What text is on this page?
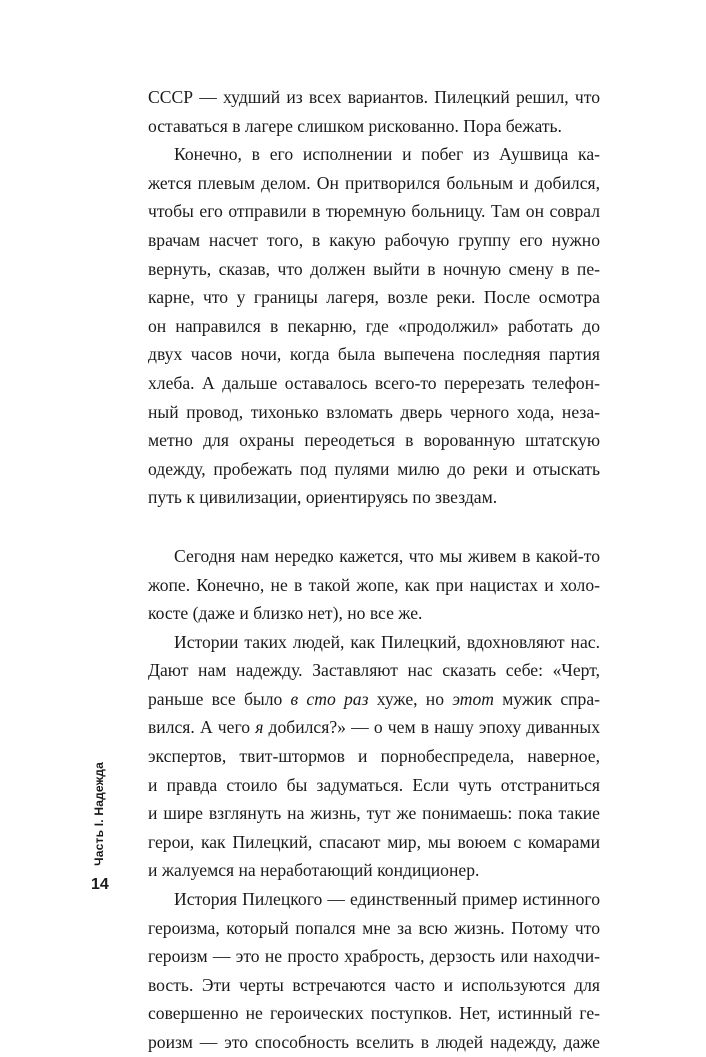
СССР — худший из всех вариантов. Пилецкий решил, что
оставаться в лагере слишком рискованно. Пора бежать.
Конечно, в его исполнении и побег из Аушвица ка-
жется плевым делом. Он притворился больным и добился,
чтобы его отправили в тюремную больницу. Там он соврал
врачам насчет того, в какую рабочую группу его нужно
вернуть, сказав, что должен выйти в ночную смену в пе-
карне, что у границы лагеря, возле реки. После осмотра
он направился в пекарню, где «продолжил» работать до
двух часов ночи, когда была выпечена последняя партия
хлеба. А дальше оставалось всего-то перерезать телефон-
ный провод, тихонько взломать дверь черного хода, неза-
метно для охраны переодеться в ворованную штатскую
одежду, пробежать под пулями милю до реки и отыскать
путь к цивилизации, ориентируясь по звездам.
Сегодня нам нередко кажется, что мы живем в какой-то
жопе. Конечно, не в такой жопе, как при нацистах и холо-
косте (даже и близко нет), но все же.
Истории таких людей, как Пилецкий, вдохновляют нас.
Дают нам надежду. Заставляют нас сказать себе: «Черт,
раньше все было в сто раз хуже, но этот мужик спра-
вился. А чего я добился?» — о чем в нашу эпоху диванных
экспертов, твит-штормов и порнобеспредела, наверное,
и правда стоило бы задуматься. Если чуть отстраниться
и шире взглянуть на жизнь, тут же понимаешь: пока такие
герои, как Пилецкий, спасают мир, мы воюем с комарами
и жалуемся на неработающий кондиционер.
История Пилецкого — единственный пример истинного
героизма, который попался мне за всю жизнь. Потому что
героизм — это не просто храбрость, дерзость или находчи-
вость. Эти черты встречаются часто и используются для
совершенно не героических поступков. Нет, истинный ге-
роизм — это способность вселить в людей надежду, даже
Часть I. Надежда
14
